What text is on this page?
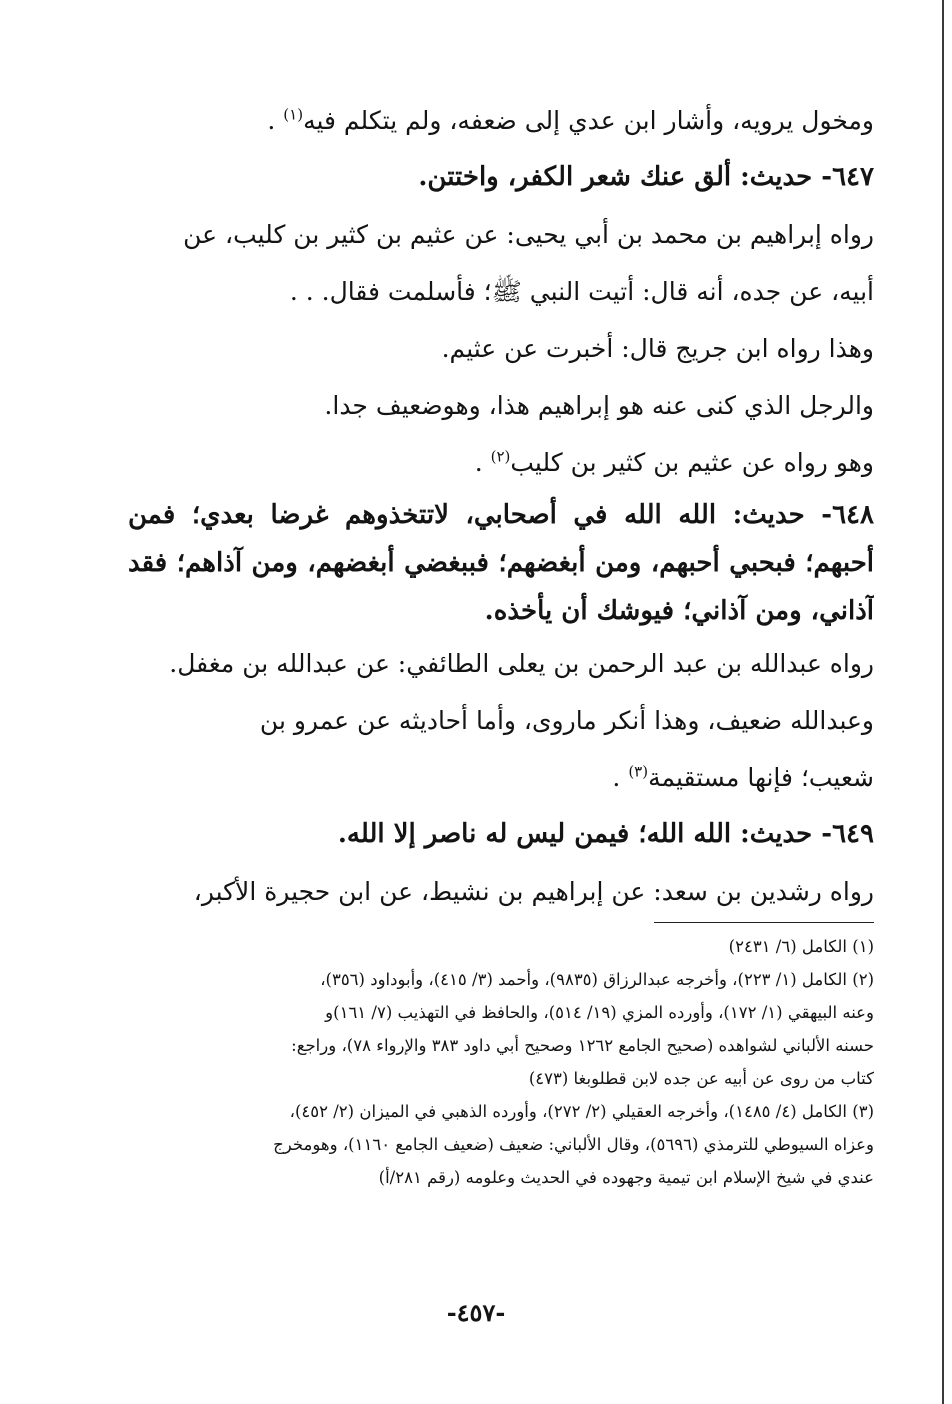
ومخول يرويه، وأشار ابن عدي إلى ضعفه، ولم يتكلم فيه$^{(١)}$ .

٦٤٧- حديث: ألق عنك شعر الكفر، واختتن.

رواه إبراهيم بن محمد بن أبي يحيى: عن عثيم بن كثير بن كليب، عن

أبيه، عن جده، أنه قال: أتيت النبي ﷺ؛ فأسلمت فقال. . .

وهذا رواه ابن جريج قال: أخبرت عن عثيم.

والرجل الذي كنى عنه هو إبراهيم هذا، وهوضعيف جدا.

وهو رواه عن عثيم بن كثير بن كليب$^{(٢)}$ .

٦٤٨- حديث: الله الله في أصحابي، لاتتخذوهم غرضا بعدي؛ فمن أحبهم؛ فبحبي أحبهم، ومن أبغضهم؛ فببغضي أبغضهم، ومن آذاهم؛ فقد آذاني، ومن آذاني؛ فيوشك أن يأخذه.

رواه عبدالله بن عبد الرحمن بن يعلى الطائفي: عن عبدالله بن مغفل.

وعبدالله ضعيف، وهذا أنكر ماروى، وأما أحاديثه عن عمرو بن

شعيب؛ فإنها مستقيمة$^{(٣)}$ .

٦٤٩- حديث: الله الله؛ فيمن ليس له ناصر إلا الله.

رواه رشدين بن سعد: عن إبراهيم بن نشيط، عن ابن حجيرة الأكبر،

(١) الكامل (٦/ ٢٤٣١)

(٢) الكامل (١/ ٢٢٣)، وأخرجه عبدالرزاق (٩٨٣٥)، وأحمد (٣/ ٤١٥)، وأبوداود (٣٥٦)،

وعنه البيهقي (١/ ١٧٢)، وأورده المزي (١٩/ ٥١٤)، والحافظ في التهذيب (٧/ ١٦١)و

حسنه الألباني لشواهده (صحيح الجامع ١٢٦٢ وصحيح أبي داود ٣٨٣ والإرواء ٧٨)، وراجع:

كتاب من روى عن أبيه عن جده لابن قطلوبغا (٤٧٣)

(٣) الكامل (٤/ ١٤٨٥)، وأخرجه العقيلي (٢/ ٢٧٢)، وأورده الذهبي في الميزان (٢/ ٤٥٢)،

وعزاه السيوطي للترمذي (٥٦٩٦)، وقال الألباني: ضعيف (ضعيف الجامع ١١٦٠)، وهومخرج

عندي في شيخ الإسلام ابن تيمية وجهوده في الحديث وعلومه (رقم ٢٨١/أ)

-٤٥٧-
